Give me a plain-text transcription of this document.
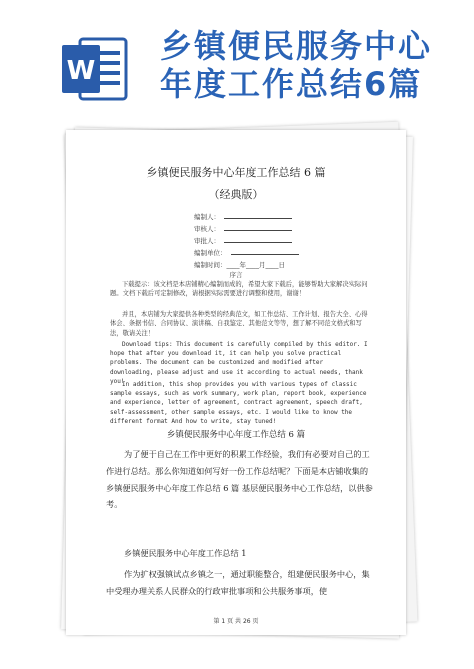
W
乡镇便民服务中心
年度工作总结6篇
乡镇便民服务中心年度工作总结 6 篇
（经典版）
编制人：
审核人：
审批人：
编制单位：
编制时间：____年____月____日
序言

下载提示：该文档是本店铺精心编制而成的，希望大家下载后，能够帮助大家解决实际问题。文档下载后可定制修改，请根据实际需要进行调整和使用，谢谢！

并且，本店铺为大家提供各种类型的经典范文，如工作总结、工作计划、报告大全、心得体会、条据书信、合同协议、演讲稿、自我鉴定、其他范文等等，想了解不同范文格式和写法，敬请关注！

Download tips: This document is carefully compiled by this editor. I hope that after you download it, it can help you solve practical problems. The document can be customized and modified after downloading, please adjust and use it according to actual needs, thank you!

In addition, this shop provides you with various types of classic sample essays, such as work summary, work plan, report book, experience and experience, letter of agreement, contract agreement, speech draft, self-assessment, other sample essays, etc. I would like to know the different format And how to write, stay tuned!

乡镇便民服务中心年度工作总结 6 篇

为了便于自己在工作中更好的积累工作经验，我们有必要对自己的工作进行总结。那么你知道如何写好一份工作总结呢？下面是本店铺收集的乡镇便民服务中心年度工作总结 6 篇 基层便民服务中心工作总结，以供参考。

乡镇便民服务中心年度工作总结 1

作为扩权强镇试点乡镇之一，通过职能整合，组建便民服务中心，集中受理办理关系人民群众的行政审批事项和公共服务事项，使

第 1 页 共 26 页
